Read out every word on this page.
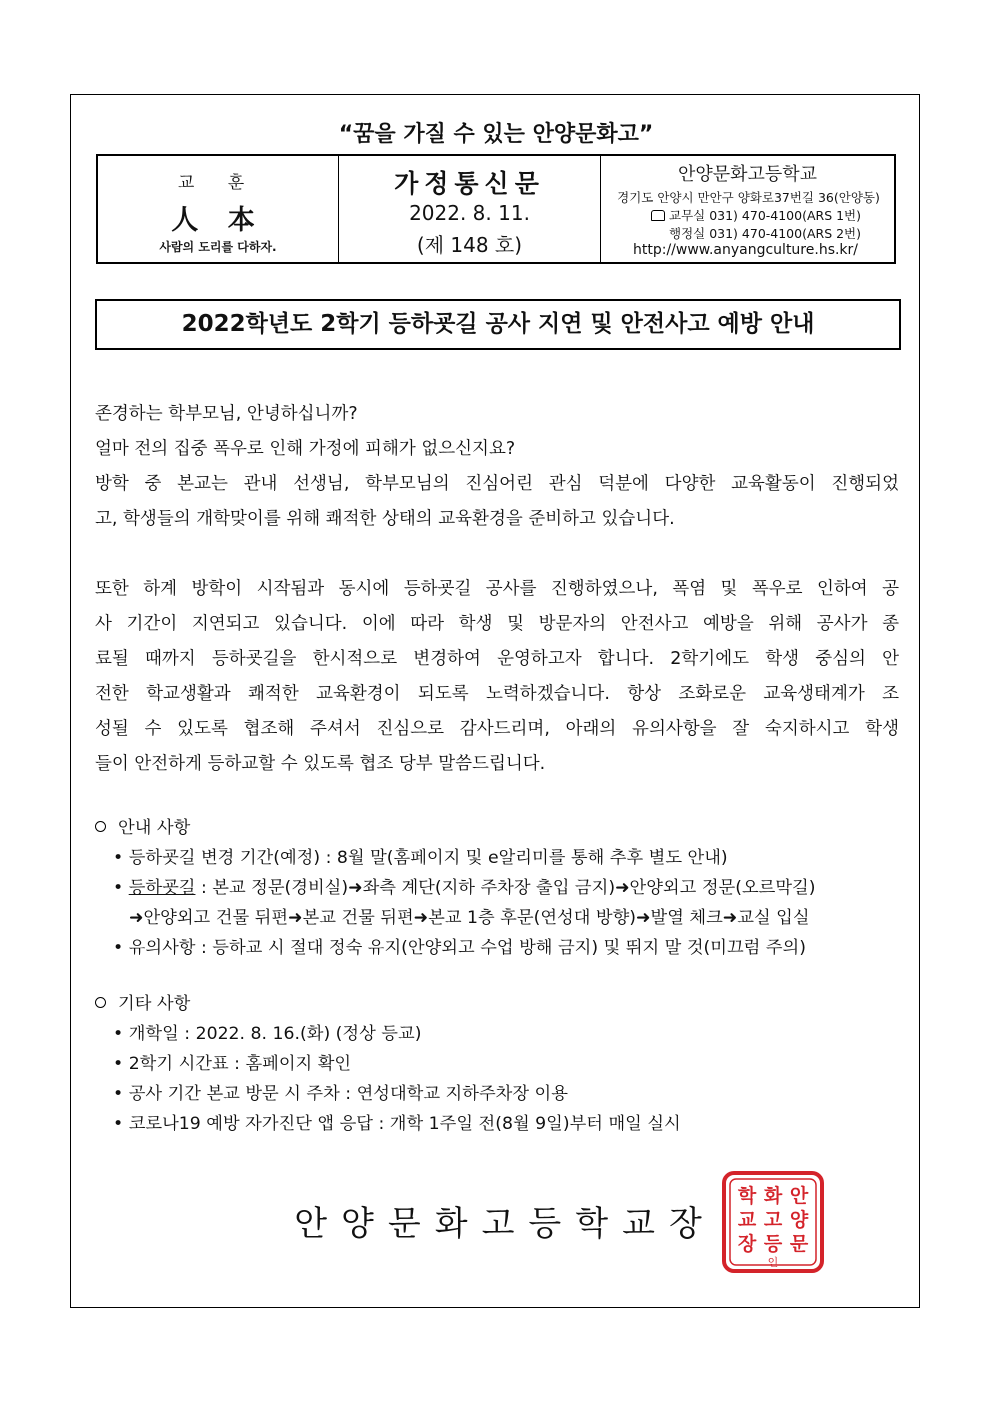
“꿈을 가질 수 있는 안양문화고”
교 훈
人 本
사람의 도리를 다하자.
가정통신문
2022. 8. 11.
(제 148 호)
안양문화고등학교
경기도 안양시 만안구 양화로37번길 36(안양동)
교무실 031) 470-4100(ARS 1번)
행정실 031) 470-4100(ARS 2번)
http://www.anyangculture.hs.kr/
2022학년도 2학기 등하굣길 공사 지연 및 안전사고 예방 안내
존경하는 학부모님, 안녕하십니까?
얼마 전의 집중 폭우로 인해 가정에 피해가 없으신지요?
방학 중 본교는 관내 선생님, 학부모님의 진심어린 관심 덕분에 다양한 교육활동이 진행되었
고, 학생들의 개학맞이를 위해 쾌적한 상태의 교육환경을 준비하고 있습니다.
또한 하계 방학이 시작됨과 동시에 등하굣길 공사를 진행하였으나, 폭염 및 폭우로 인하여 공
사 기간이 지연되고 있습니다. 이에 따라 학생 및 방문자의 안전사고 예방을 위해 공사가 종
료될 때까지 등하굣길을 한시적으로 변경하여 운영하고자 합니다. 2학기에도 학생 중심의 안
전한 학교생활과 쾌적한 교육환경이 되도록 노력하겠습니다. 항상 조화로운 교육생태계가 조
성될 수 있도록 협조해 주셔서 진심으로 감사드리며, 아래의 유의사항을 잘 숙지하시고 학생
들이 안전하게 등하교할 수 있도록 협조 당부 말씀드립니다.
안내 사항
• 등하굣길 변경 기간(예정) : 8월 말(홈페이지 및 e알리미를 통해 추후 별도 안내)
• 등하굣길 : 본교 정문(경비실)➜좌측 계단(지하 주차장 출입 금지)➜안양외고 정문(오르막길)
➜안양외고 건물 뒤편➜본교 건물 뒤편➜본교 1층 후문(연성대 방향)➜발열 체크➜교실 입실
• 유의사항 : 등하교 시 절대 정숙 유지(안양외고 수업 방해 금지) 및 뛰지 말 것(미끄럼 주의)
기타 사항
• 개학일 : 2022. 8. 16.(화) (정상 등교)
• 2학기 시간표 : 홈페이지 확인
• 공사 기간 본교 방문 시 주차 : 연성대학교 지하주차장 이용
• 코로나19 예방 자가진단 앱 응답 : 개학 1주일 전(8월 9일)부터 매일 실시
안양문화고등학교장
안
양
문
화
고
등
학
교
장
인
